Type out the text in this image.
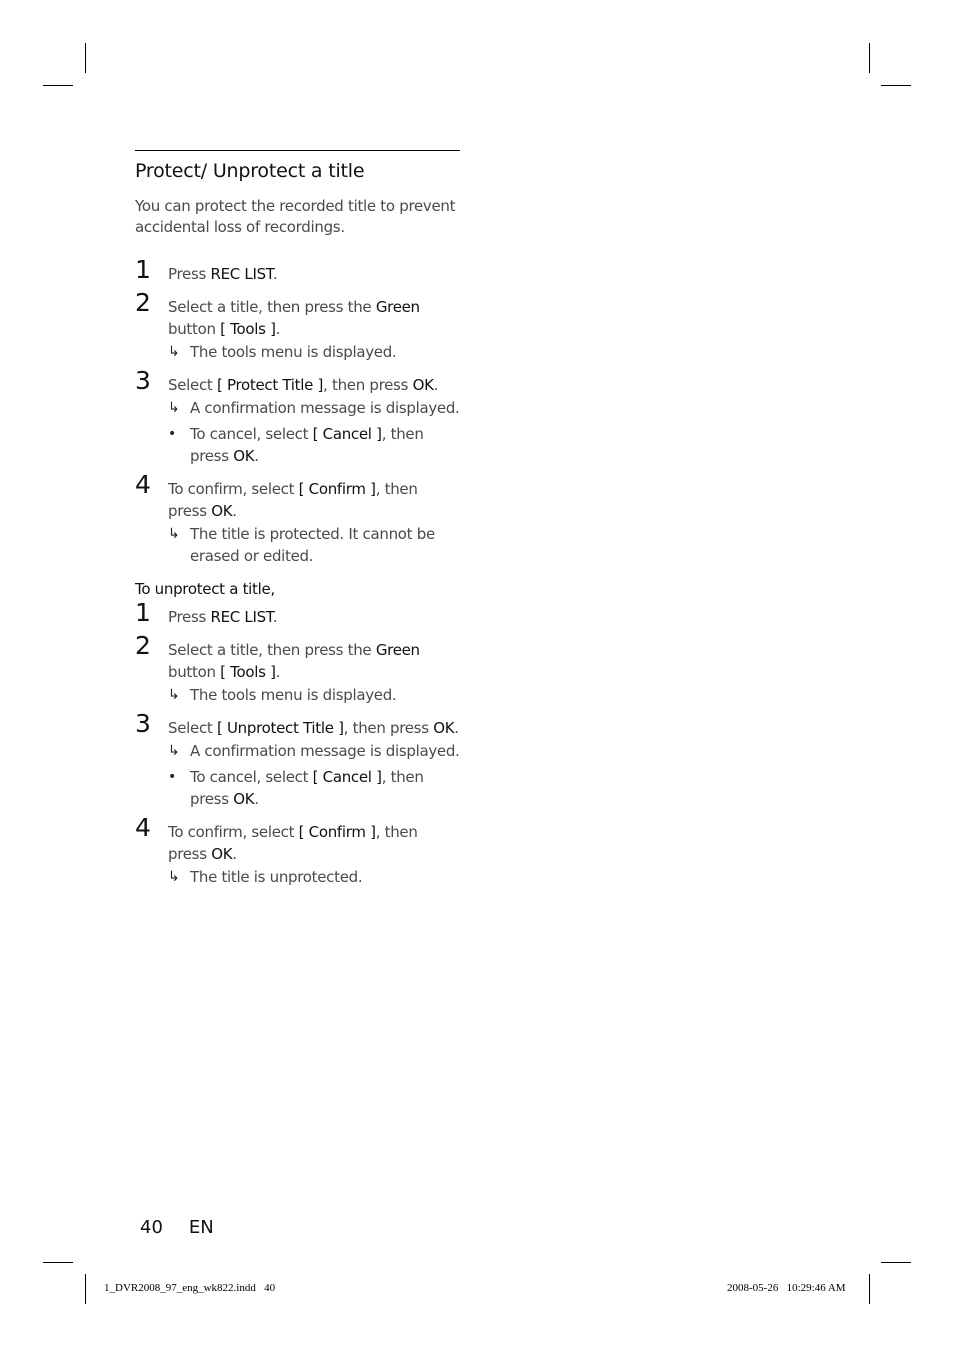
Protect/ Unprotect a title

You can protect the recorded title to prevent accidental loss of recordings.

1 Press REC LIST.
2 Select a title, then press the Green button [ Tools ].
↳ The tools menu is displayed.
3 Select [ Protect Title ], then press OK.
↳ A confirmation message is displayed.
• To cancel, select [ Cancel ], then press OK.
4 To confirm, select [ Confirm ], then press OK.
↳ The title is protected. It cannot be erased or edited.
To unprotect a title,
1 Press REC LIST.
2 Select a title, then press the Green button [ Tools ].
↳ The tools menu is displayed.
3 Select [ Unprotect Title ], then press OK.
↳ A confirmation message is displayed.
• To cancel, select [ Cancel ], then press OK.
4 To confirm, select [ Confirm ], then press OK.
↳ The title is unprotected.
40 EN
1_DVR2008_97_eng_wk822.indd   40	2008-05-26   10:29:46 AM
